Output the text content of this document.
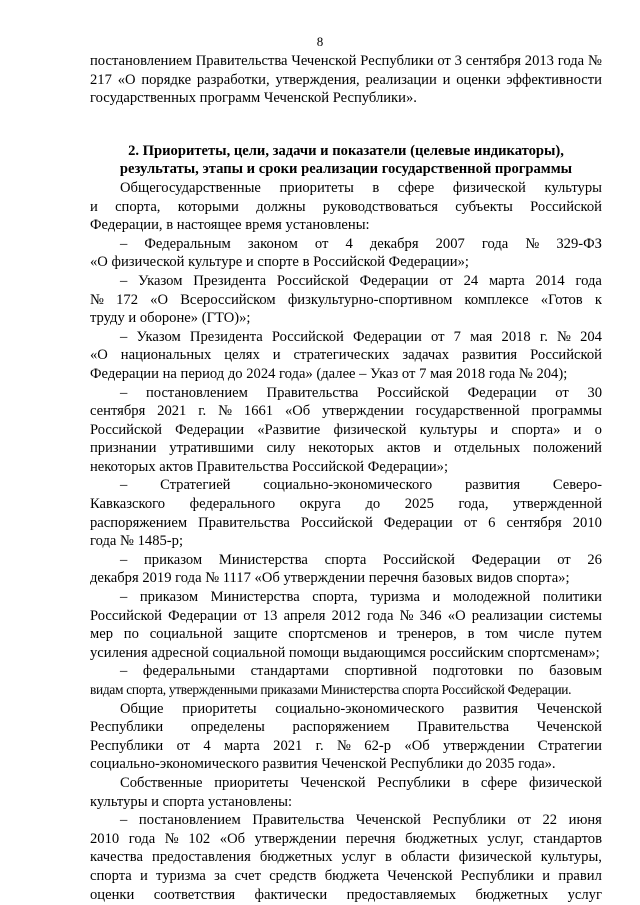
8
постановлением Правительства Чеченской Республики от 3 сентября 2013 года №
217 «О порядке разработки, утверждения, реализации и оценки эффективности
государственных программ Чеченской Республики».
2. Приоритеты, цели, задачи и показатели (целевые индикаторы),
результаты, этапы и сроки реализации государственной программы
Общегосударственные приоритеты в сфере физической культуры
и спорта, которыми должны руководствоваться субъекты Российской
Федерации, в настоящее время установлены:
– Федеральным законом от 4 декабря 2007 года № 329-ФЗ
«О физической культуре и спорте в Российской Федерации»;
– Указом Президента Российской Федерации от 24 марта 2014 года
№ 172 «О Всероссийском физкультурно-спортивном комплексе «Готов к
труду и обороне» (ГТО)»;
– Указом Президента Российской Федерации от 7 мая 2018 г. № 204
«О национальных целях и стратегических задачах развития Российской
Федерации на период до 2024 года» (далее – Указ от 7 мая 2018 года № 204);
– постановлением Правительства Российской Федерации от 30
сентября 2021 г. № 1661 «Об утверждении государственной программы
Российской Федерации «Развитие физической культуры и спорта» и о
признании утратившими силу некоторых актов и отдельных положений
некоторых актов Правительства Российской Федерации»;
– Стратегией социально-экономического развития Северо-
Кавказского федерального округа до 2025 года, утвержденной
распоряжением Правительства Российской Федерации от 6 сентября 2010
года № 1485-р;
– приказом Министерства спорта Российской Федерации от 26
декабря 2019 года № 1117 «Об утверждении перечня базовых видов спорта»;
– приказом Министерства спорта, туризма и молодежной политики
Российской Федерации от 13 апреля 2012 года № 346 «О реализации системы
мер по социальной защите спортсменов и тренеров, в том числе путем
усиления адресной социальной помощи выдающимся российским спортсменам»;
– федеральными стандартами спортивной подготовки по базовым
видам спорта, утвержденными приказами Министерства спорта Российской Федерации.
Общие приоритеты социально-экономического развития Чеченской
Республики определены распоряжением Правительства Чеченской
Республики от 4 марта 2021 г. № 62-р «Об утверждении Стратегии
социально-экономического развития Чеченской Республики до 2035 года».
Собственные приоритеты Чеченской Республики в сфере физической
культуры и спорта установлены:
– постановлением Правительства Чеченской Республики от 22 июня
2010 года № 102 «Об утверждении перечня бюджетных услуг, стандартов
качества предоставления бюджетных услуг в области физической культуры,
спорта и туризма за счет средств бюджета Чеченской Республики и правил
оценки соответствия фактически предоставляемых бюджетных услуг
